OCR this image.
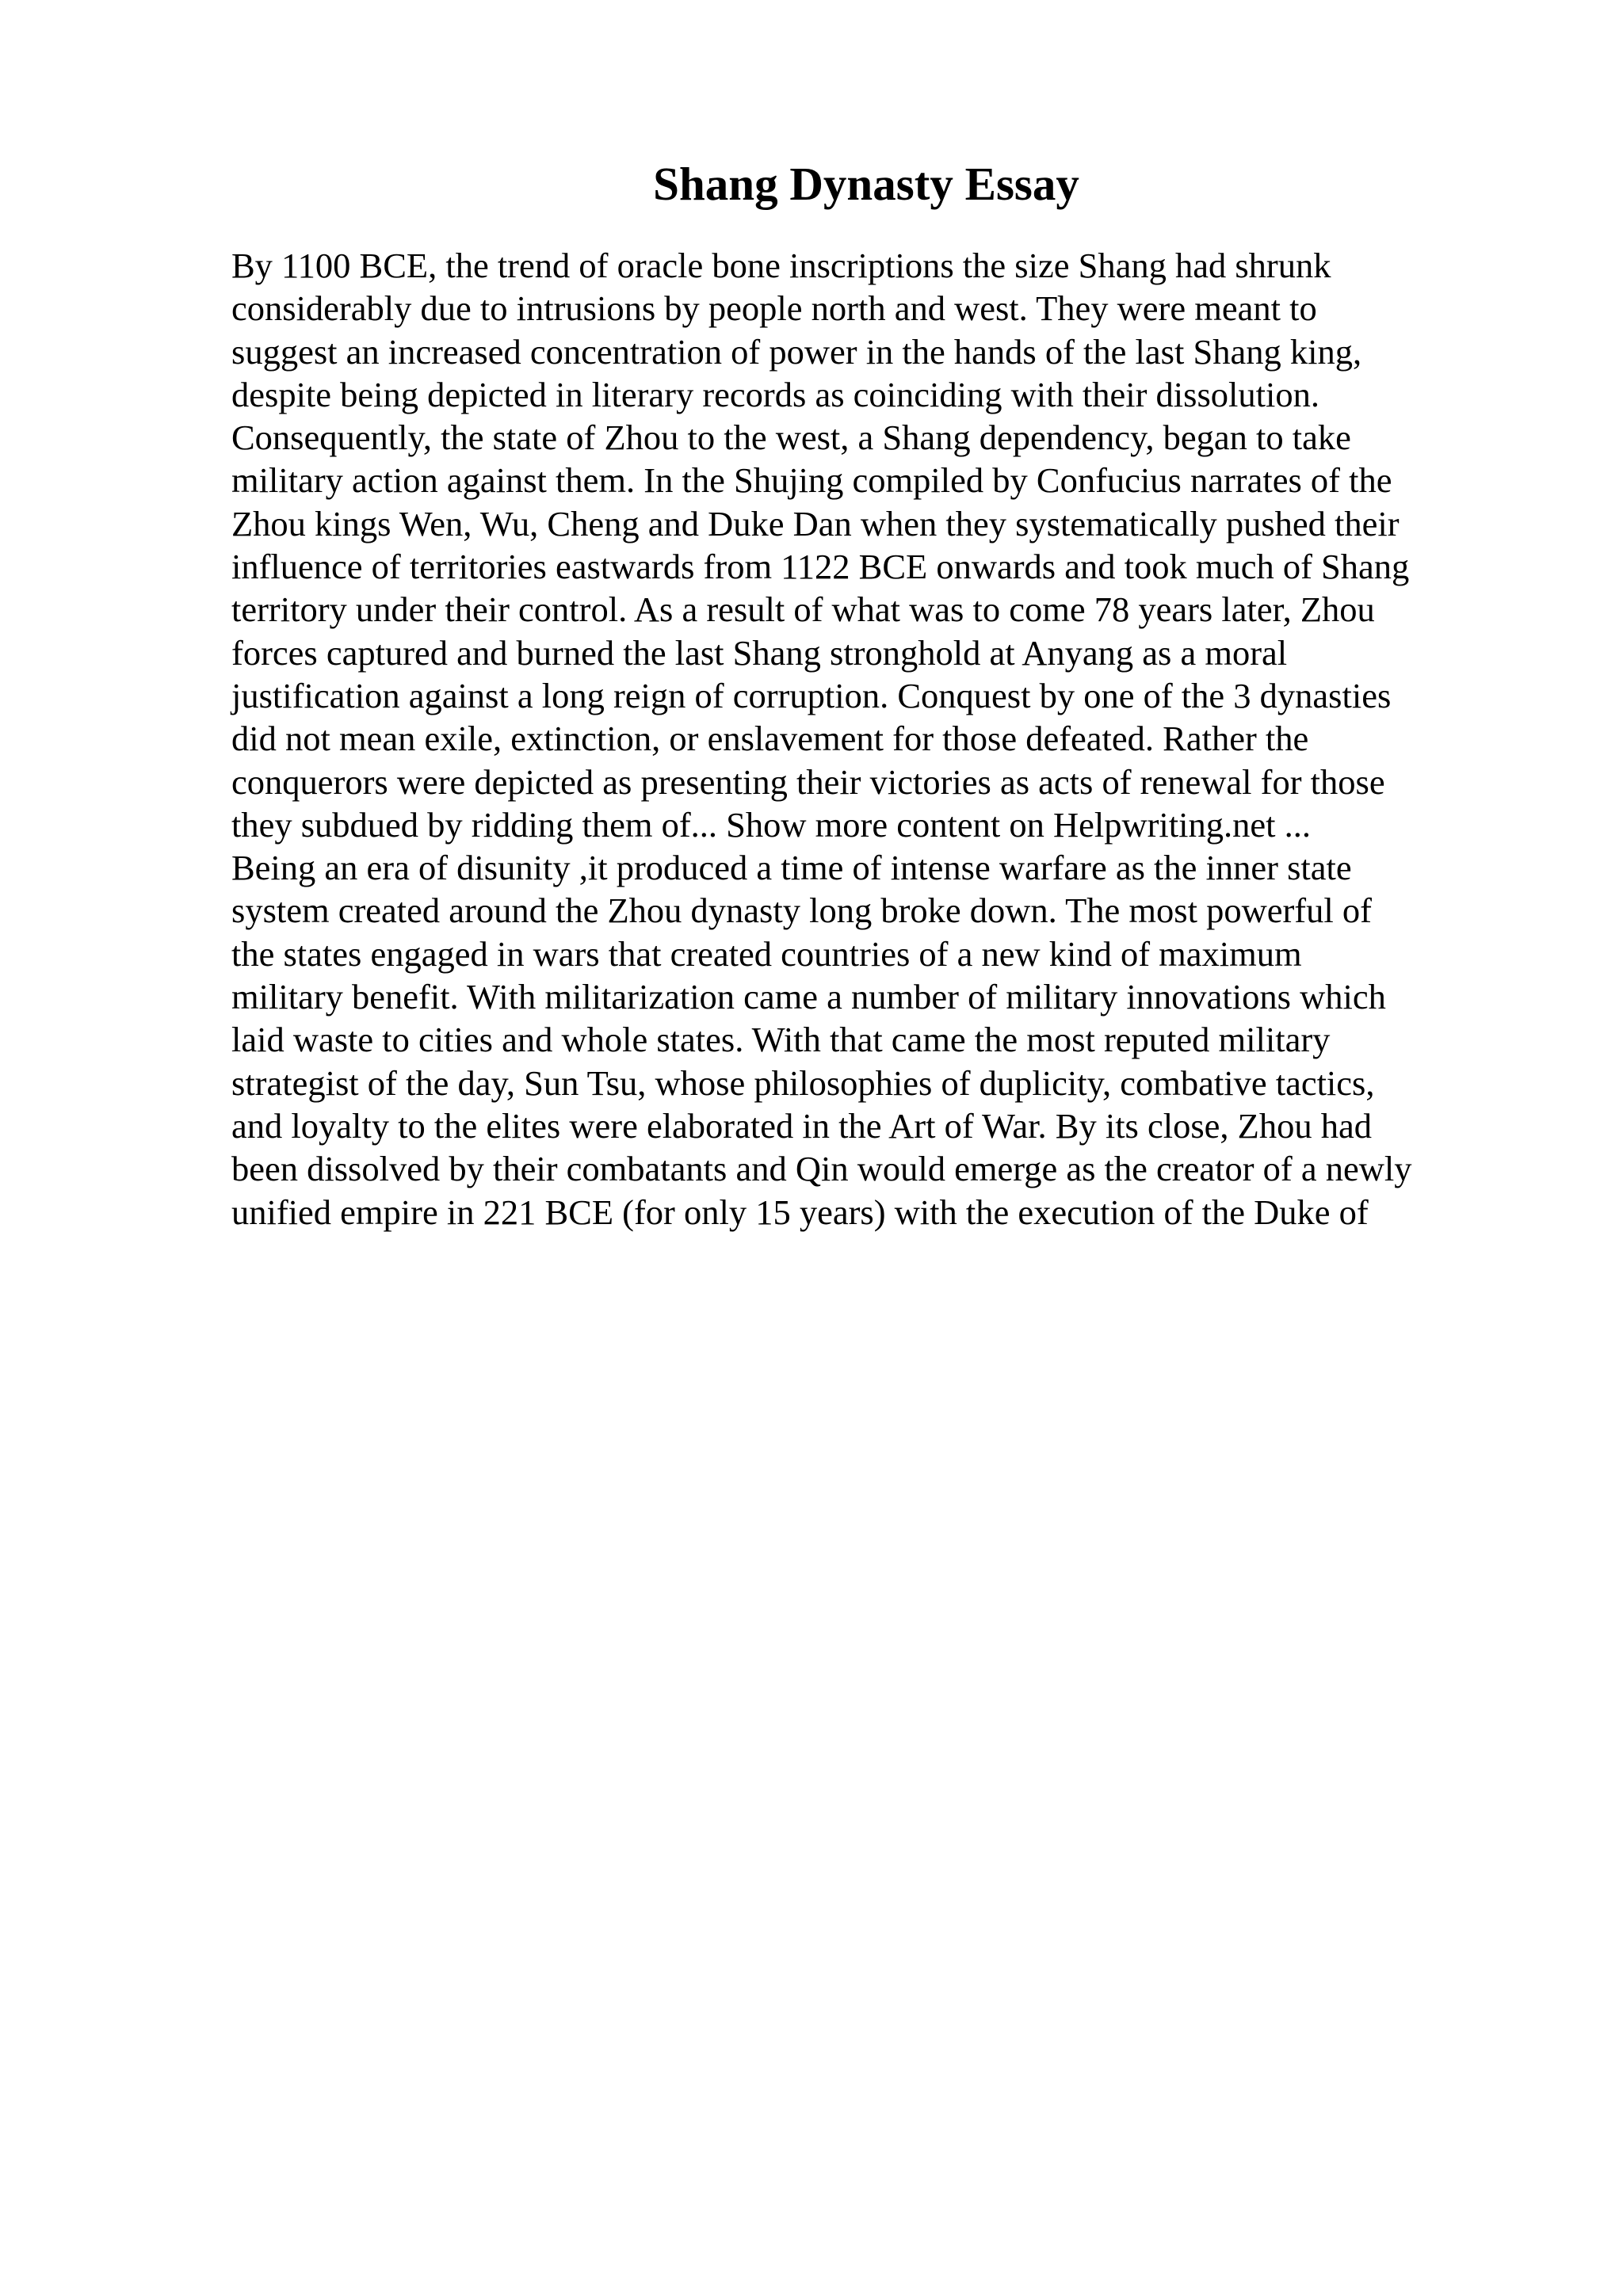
Shang Dynasty Essay
By 1100 BCE, the trend of oracle bone inscriptions the size Shang had shrunk
considerably due to intrusions by people north and west. They were meant to
suggest an increased concentration of power in the hands of the last Shang king,
despite being depicted in literary records as coinciding with their dissolution.
Consequently, the state of Zhou to the west, a Shang dependency, began to take
military action against them. In the Shujing compiled by Confucius narrates of the
Zhou kings Wen, Wu, Cheng and Duke Dan when they systematically pushed their
influence of territories eastwards from 1122 BCE onwards and took much of Shang
territory under their control. As a result of what was to come 78 years later, Zhou
forces captured and burned the last Shang stronghold at Anyang as a moral
justification against a long reign of corruption. Conquest by one of the 3 dynasties
did not mean exile, extinction, or enslavement for those defeated. Rather the
conquerors were depicted as presenting their victories as acts of renewal for those
they subdued by ridding them of... Show more content on Helpwriting.net ...
Being an era of disunity ,it produced a time of intense warfare as the inner state
system created around the Zhou dynasty long broke down. The most powerful of
the states engaged in wars that created countries of a new kind of maximum
military benefit. With militarization came a number of military innovations which
laid waste to cities and whole states. With that came the most reputed military
strategist of the day, Sun Tsu, whose philosophies of duplicity, combative tactics,
and loyalty to the elites were elaborated in the Art of War. By its close, Zhou had
been dissolved by their combatants and Qin would emerge as the creator of a newly
unified empire in 221 BCE (for only 15 years) with the execution of the Duke of
